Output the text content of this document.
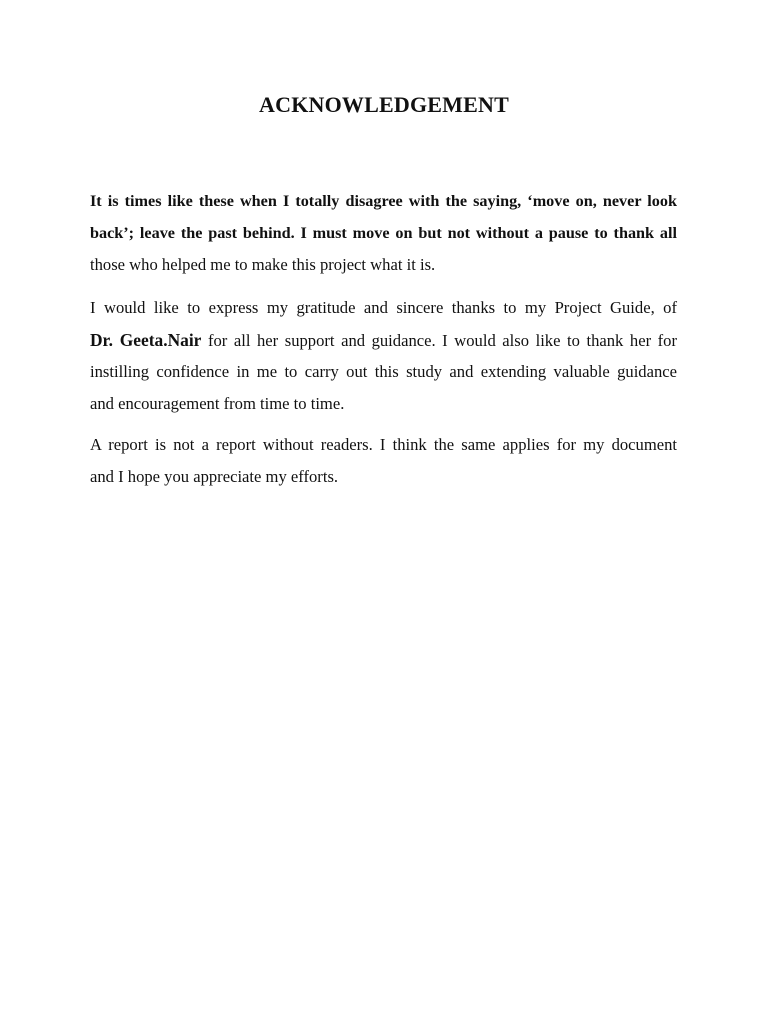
ACKNOWLEDGEMENT
It is times like these when I totally disagree with the saying, ‘move on, never look
back’; leave the past behind. I must move on but not without a pause to thank all
those who helped me to make this project what it is.
I would like to express my gratitude and sincere thanks to my Project Guide, of
Dr. Geeta.Nair for all her support and guidance. I would also like to thank her for
instilling confidence in me to carry out this study and extending valuable guidance
and encouragement from time to time.
A report is not a report without readers. I think the same applies for my document
and I hope you appreciate my efforts.
